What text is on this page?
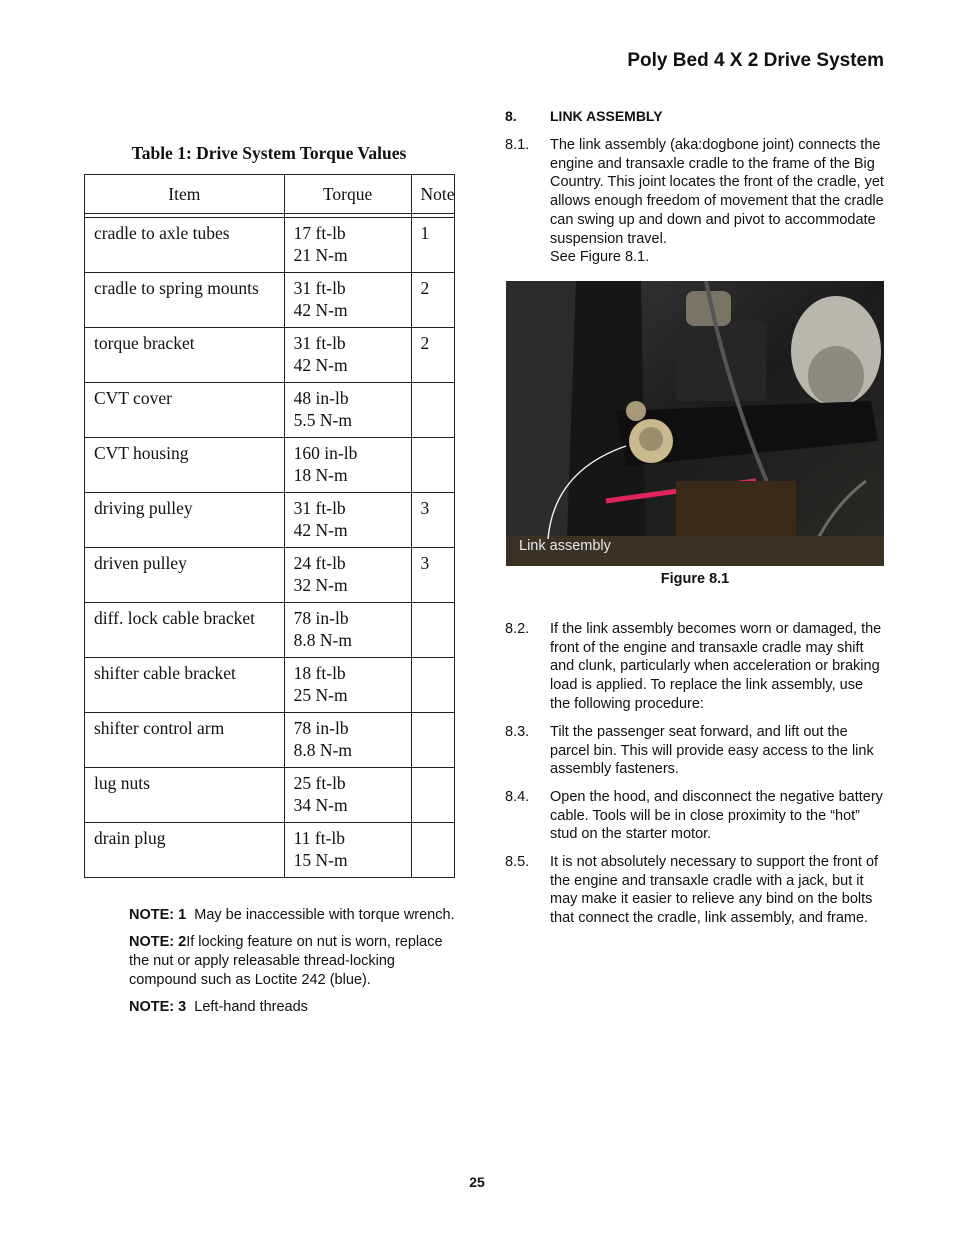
Poly Bed 4 X 2 Drive System
Table 1: Drive System Torque Values
Item	Torque	Note

cradle to axle tubes	17 ft-lb
21 N-m	1
cradle to spring mounts	31 ft-lb
42 N-m	2
torque bracket	31 ft-lb
42 N-m	2
CVT cover	48 in-lb
5.5 N-m	

CVT housing	160 in-lb
18 N-m	

driving pulley	31 ft-lb
42 N-m	3
driven pulley	24 ft-lb
32 N-m	3
diff. lock cable bracket	78 in-lb
8.8 N-m	

shifter cable bracket	18 ft-lb
25 N-m	

shifter control arm	78 in-lb
8.8 N-m	

lug nuts	25 ft-lb
34 N-m	

drain plug	11 ft-lb
15 N-m	

NOTE: 1 May be inaccessible with torque wrench.

NOTE: 2If locking feature on nut is worn, replace the nut or apply releasable thread-locking compound such as Loctite 242 (blue).

NOTE: 3 Left-hand threads

8. LINK ASSEMBLY
8.1.	The link assembly (aka:dogbone joint) connects the engine and transaxle cradle to the frame of the Big Country. This joint locates the front of the cradle, yet allows enough freedom of movement that the cradle can swing up and down and pivot to accommodate suspension travel.
See Figure 8.1.
Link assembly
Figure 8.1
8.2.	If the link assembly becomes worn or damaged, the front of the engine and transaxle cradle may shift and clunk, particularly when acceleration or braking load is applied. To replace the link assembly, use the following procedure:
8.3.	Tilt the passenger seat forward, and lift out the parcel bin. This will provide easy access to the link assembly fasteners.
8.4.	Open the hood, and disconnect the negative battery cable. Tools will be in close proximity to the “hot” stud on the starter motor.
8.5.	It is not absolutely necessary to support the front of the engine and transaxle cradle with a jack, but it may make it easier to relieve any bind on the bolts that connect the cradle, link assembly, and frame.
25
